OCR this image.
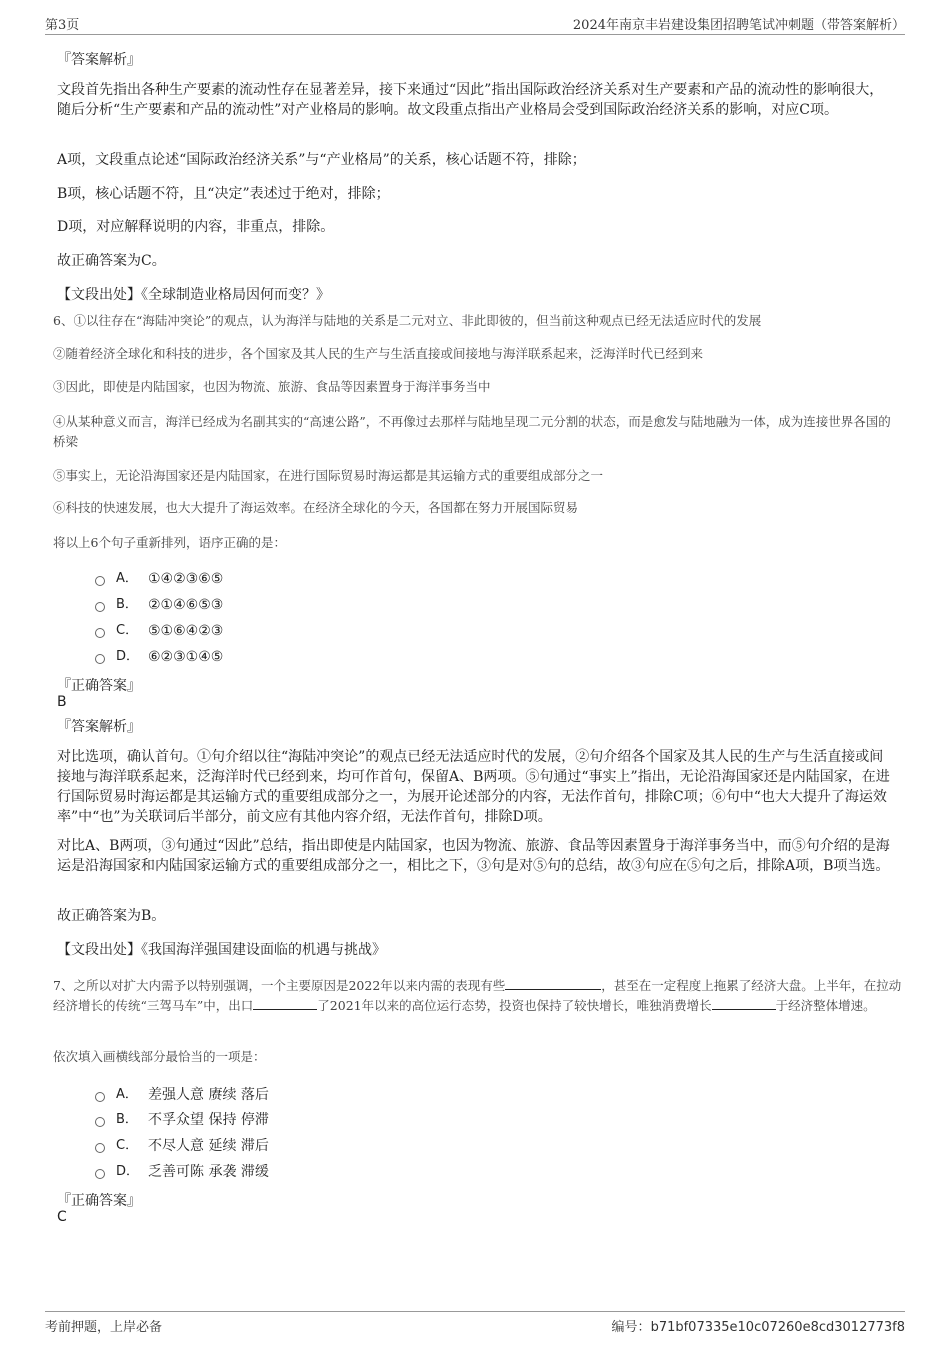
第3页	2024年南京丰岩建设集团招聘笔试冲刺题（带答案解析）
『答案解析』
文段首先指出各种生产要素的流动性存在显著差异，接下来通过“因此”指出国际政治经济关系对生产要素和产品的流动性的影响很大，随后分析“生产要素和产品的流动性”对产业格局的影响。故文段重点指出产业格局会受到国际政治经济关系的影响，对应C项。
A项，文段重点论述“国际政治经济关系”与“产业格局”的关系，核心话题不符，排除；
B项，核心话题不符，且“决定”表述过于绝对，排除；
D项，对应解释说明的内容，非重点，排除。
故正确答案为C。
【文段出处】《全球制造业格局因何而变？》
6、①以往存在“海陆冲突论”的观点，认为海洋与陆地的关系是二元对立、非此即彼的，但当前这种观点已经无法适应时代的发展
②随着经济全球化和科技的进步，各个国家及其人民的生产与生活直接或间接地与海洋联系起来，泛海洋时代已经到来
③因此，即使是内陆国家，也因为物流、旅游、食品等因素置身于海洋事务当中
④从某种意义而言，海洋已经成为名副其实的“高速公路”，不再像过去那样与陆地呈现二元分割的状态，而是愈发与陆地融为一体，成为连接世界各国的桥梁
⑤事实上，无论沿海国家还是内陆国家，在进行国际贸易时海运都是其运输方式的重要组成部分之一
⑥科技的快速发展，也大大提升了海运效率。在经济全球化的今天，各国都在努力开展国际贸易
将以上6个句子重新排列，语序正确的是：
A． ①④②③⑥⑤
B． ②①④⑥⑤③
C． ⑤①⑥④②③
D． ⑥②③①④⑤
『正确答案』
B
『答案解析』
对比选项，确认首句。①句介绍以往“海陆冲突论”的观点已经无法适应时代的发展，②句介绍各个国家及其人民的生产与生活直接或间接地与海洋联系起来，泛海洋时代已经到来，均可作首句，保留A、B两项。⑤句通过“事实上”指出，无论沿海国家还是内陆国家，在进行国际贸易时海运都是其运输方式的重要组成部分之一，为展开论述部分的内容，无法作首句，排除C项；⑥句中“也大大提升了海运效率”中“也”为关联词后半部分，前文应有其他内容介绍，无法作首句，排除D项。
对比A、B两项，③句通过“因此”总结，指出即使是内陆国家，也因为物流、旅游、食品等因素置身于海洋事务当中，而⑤句介绍的是海运是沿海国家和内陆国家运输方式的重要组成部分之一，相比之下，③句是对⑤句的总结，故③句应在⑤句之后，排除A项，B项当选。
故正确答案为B。
【文段出处】《我国海洋强国建设面临的机遇与挑战》
7、之所以对扩大内需予以特别强调，一个主要原因是2022年以来内需的表现有些	，甚至在一定程度上拖累了经济大盘。上半年，在拉动经济增长的传统“三驾马车”中，出口	了2021年以来的高位运行态势，投资也保持了较快增长，唯独消费增长	于经济整体增速。
依次填入画横线部分最恰当的一项是：
A． 差强人意 赓续 落后
B． 不孚众望 保持 停滞
C． 不尽人意 延续 滞后
D． 乏善可陈 承袭 滞缓
『正确答案』
C
考前押题，上岸必备	编号：b71bf07335e10c07260e8cd3012773f8
